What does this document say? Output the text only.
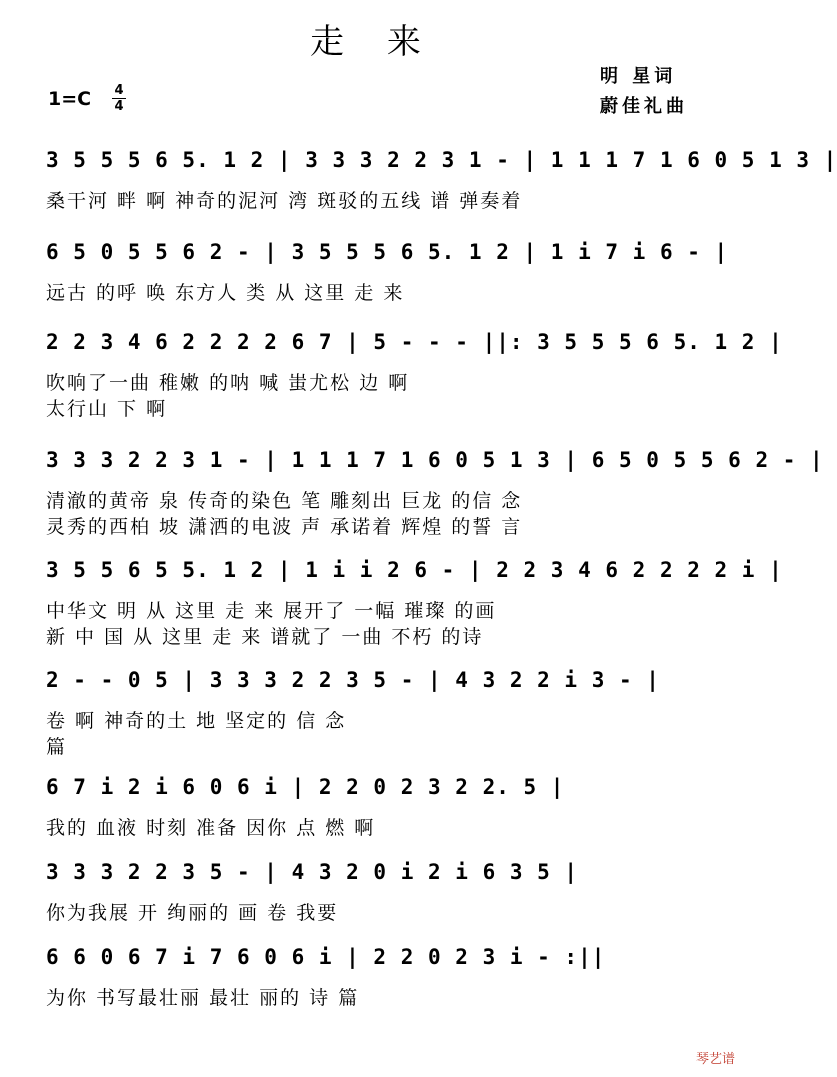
走 来
明 星词
蔚佳礼曲
1=C 4
4
3 5 5 5 6 5. 1 2 | 3 3 3 2 2 3 1 - | 1 1 1 7 1 6 0 5 1 3 |
桑干河 畔 啊 神奇的泥河 湾 斑驳的五线 谱 弹奏着
6 5 0 5 5 6 2 - | 3 5 5 5 6 5. 1 2 | 1 i 7 i 6 - |
远古 的呼 唤 东方人 类 从 这里 走 来
2 2 3 4 6 2 2 2 2 6 7 | 5 - - - ||: 3 5 5 5 6 5. 1 2 |
吹响了一曲 稚嫩 的呐 喊 蚩尤松 边 啊
太行山 下 啊
3 3 3 2 2 3 1 - | 1 1 1 7 1 6 0 5 1 3 | 6 5 0 5 5 6 2 - |
清澈的黄帝 泉 传奇的染色 笔 雕刻出 巨龙 的信 念
灵秀的西柏 坡 潇洒的电波 声 承诺着 辉煌 的誓 言
3 5 5 6 5 5. 1 2 | 1 i i 2 6 - | 2 2 3 4 6 2 2 2 2 i |
中华文 明 从 这里 走 来 展开了 一幅 璀璨 的画
新 中 国 从 这里 走 来 谱就了 一曲 不朽 的诗
2 - - 0 5 | 3 3 3 2 2 3 5 - | 4 3 2 2 i 3 - |
卷 啊 神奇的土 地 坚定的 信 念
篇
6 7 i 2 i 6 0 6 i | 2 2 0 2 3 2 2. 5 |
我的 血液 时刻 准备 因你 点 燃 啊
3 3 3 2 2 3 5 - | 4 3 2 0 i 2 i 6 3 5 |
你为我展 开 绚丽的 画 卷 我要
6 6 0 6 7 i 7 6 0 6 i | 2 2 0 2 3 i - :||
为你 书写最壮丽 最壮 丽的 诗 篇
琴艺谱
